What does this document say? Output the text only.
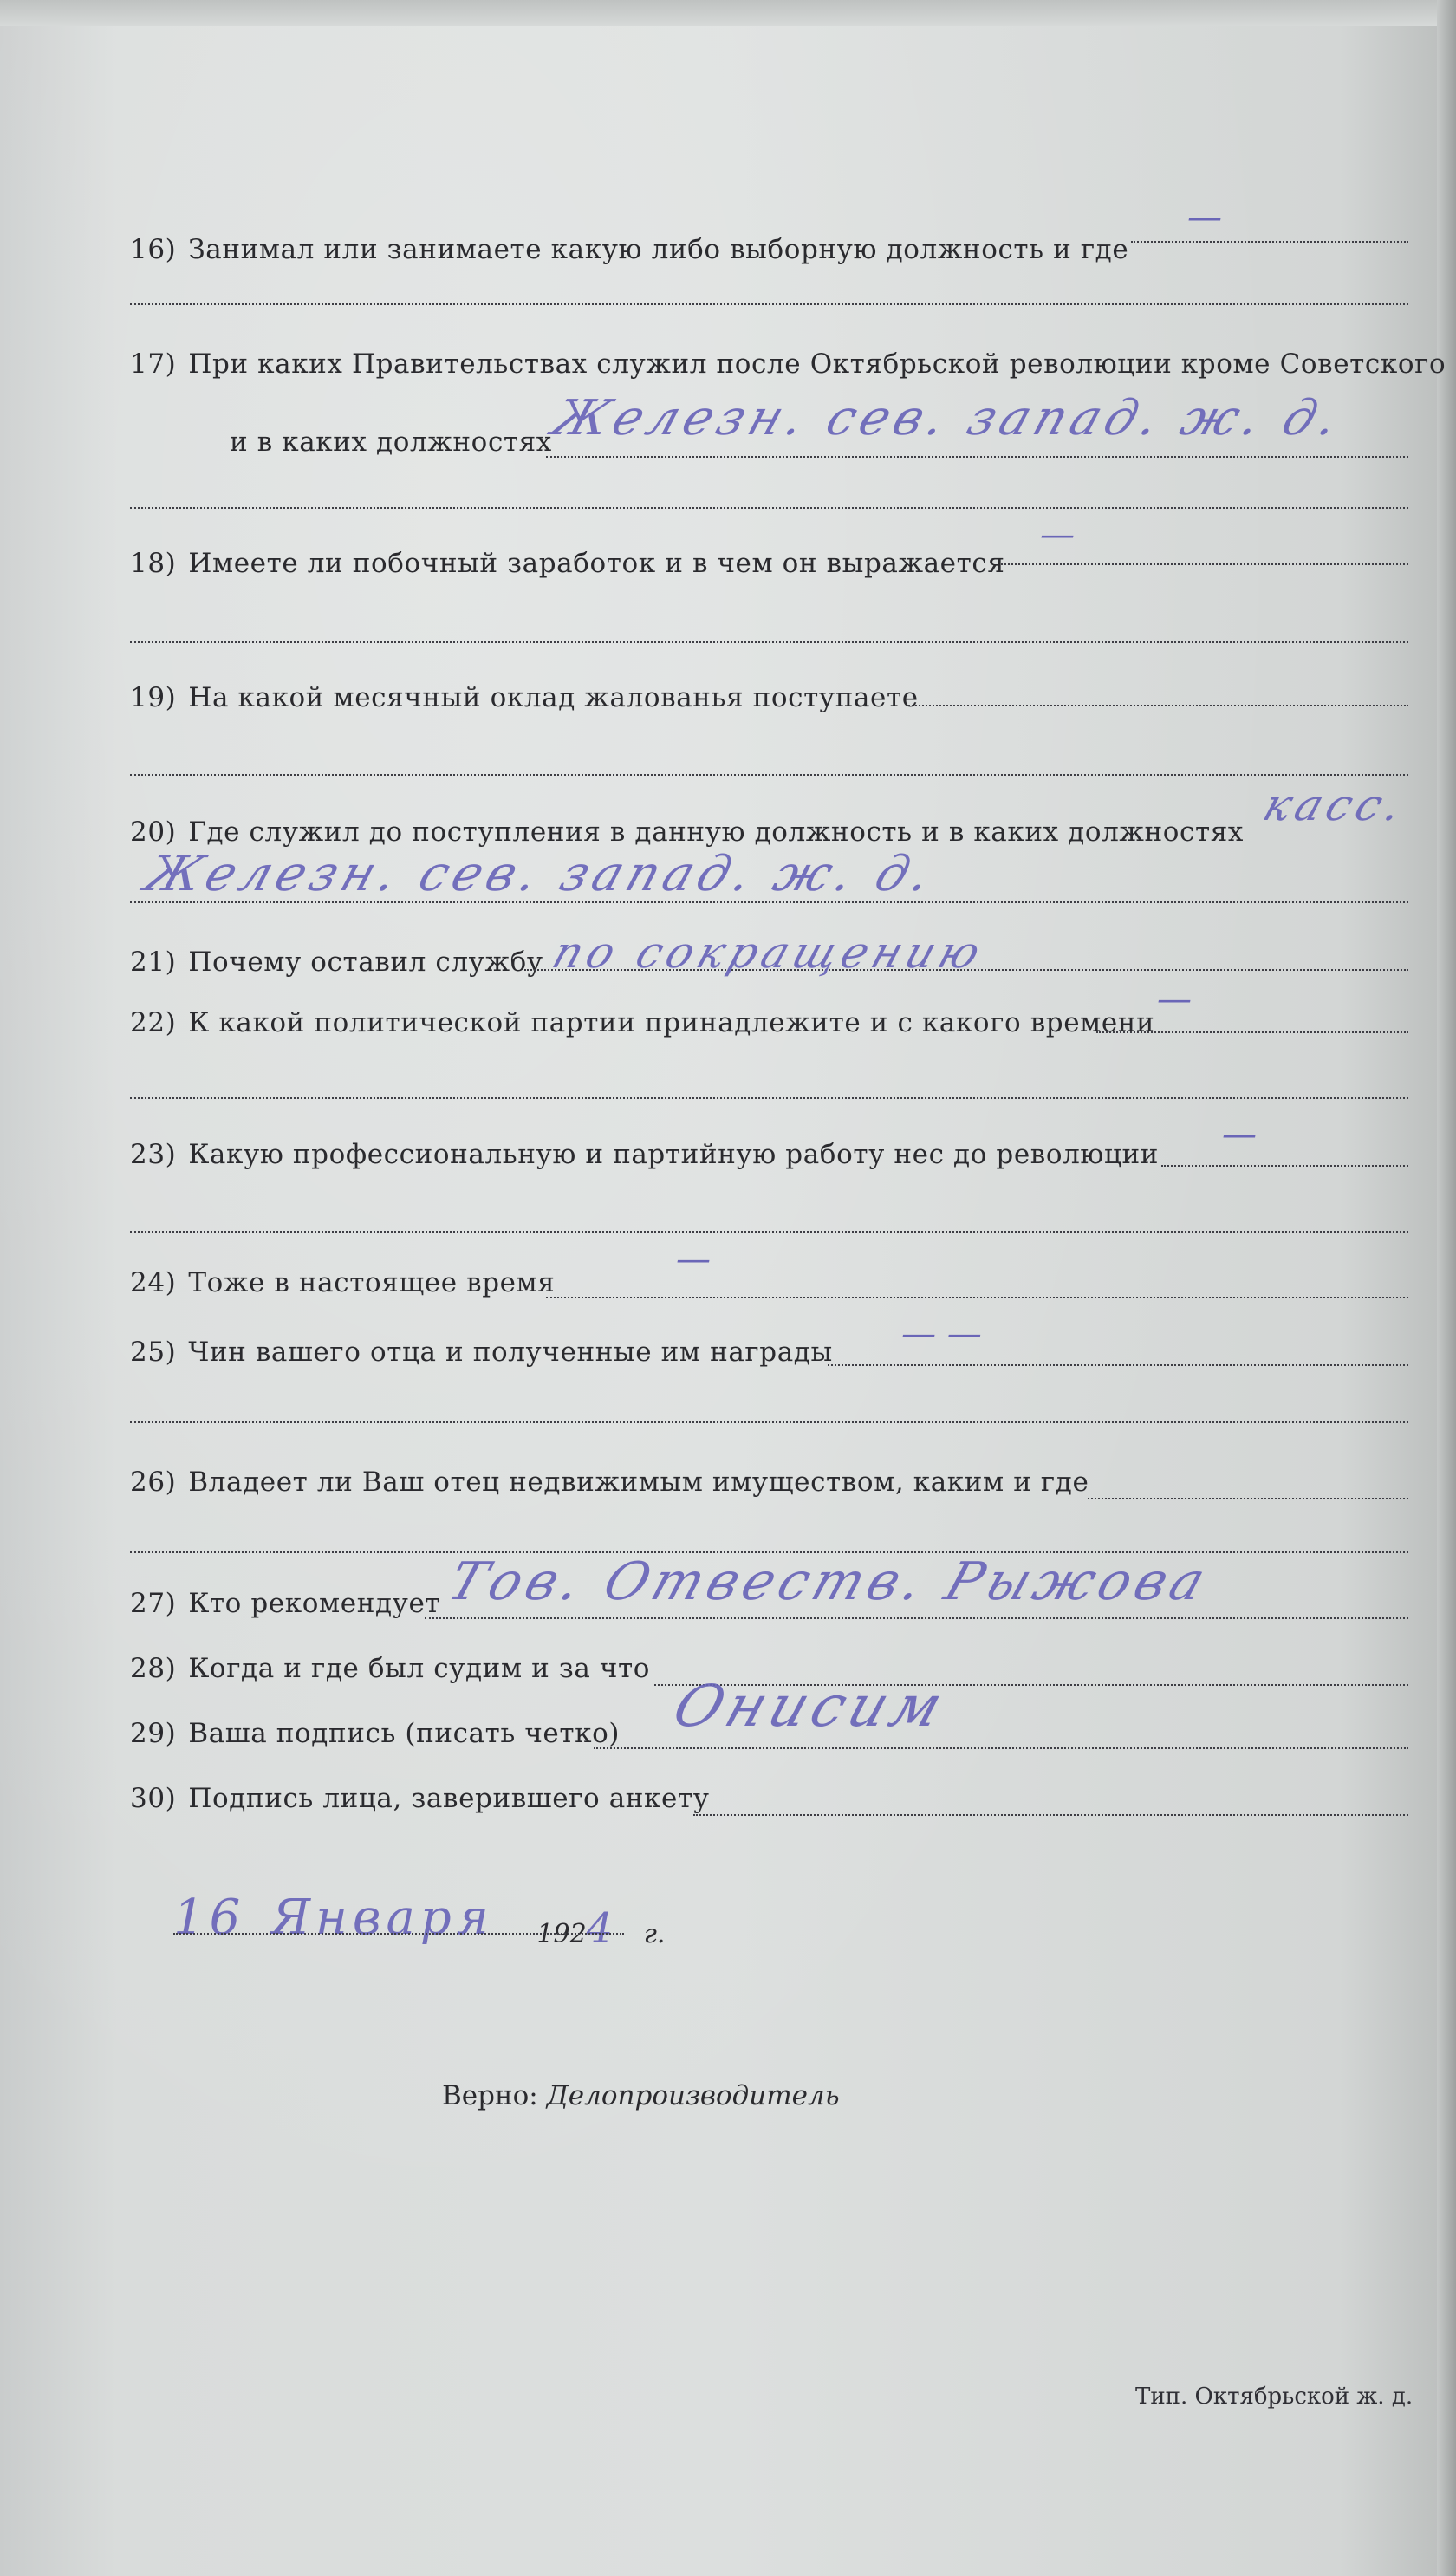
16) Занимал или занимаете какую либо выборную должность и где
—
17) При каких Правительствах служил после Октябрьской революции кроме Советского
и в каких должностях
Железн. сев. запад. ж. д.
18) Имеете ли побочный заработок и в чем он выражается
—
19) На какой месячный оклад жалованья поступаете
20) Где служил до поступления в данную должность и в каких должностях
касс.
Железн. сев. запад. ж. д.
21) Почему оставил службу по сокращению
22) К какой политической партии принадлежите и с какого времени
—
23) Какую профессиональную и партийную работу нес до революции —
24) Тоже в настоящее время
—
25) Чин вашего отца и полученные им награды — —
26) Владеет ли Ваш отец недвижимым имуществом, каким и где
27) Кто рекомендует Тов. Отвеств. Рыжова
28) Когда и где был судим и за что
29) Ваша подпись (писать четко) Онисим
30) Подпись лица, заверившего анкету
16 Января 1924 г.
Верно: Делопроизводитель
Тип. Октябрьской ж. д.
